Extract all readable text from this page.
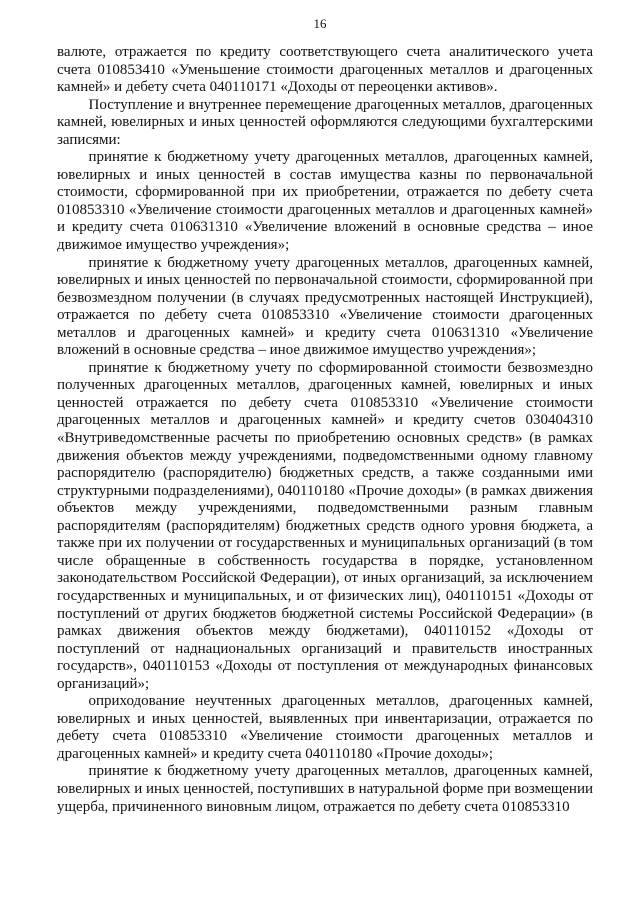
16

валюте, отражается по кредиту соответствующего счета аналитического учета счета 010853410 «Уменьшение стоимости драгоценных металлов и драгоценных камней» и дебету счета 040110171 «Доходы от переоценки активов».

Поступление и внутреннее перемещение драгоценных металлов, драгоценных камней, ювелирных и иных ценностей оформляются следующими бухгалтерскими записями:

принятие к бюджетному учету драгоценных металлов, драгоценных камней, ювелирных и иных ценностей в состав имущества казны по первоначальной стоимости, сформированной при их приобретении, отражается по дебету счета 010853310 «Увеличение стоимости драгоценных металлов и драгоценных камней» и кредиту счета 010631310 «Увеличение вложений в основные средства – иное движимое имущество учреждения»;

принятие к бюджетному учету драгоценных металлов, драгоценных камней, ювелирных и иных ценностей по первоначальной стоимости, сформированной при безвозмездном получении (в случаях предусмотренных настоящей Инструкцией), отражается по дебету счета 010853310 «Увеличение стоимости драгоценных металлов и драгоценных камней» и кредиту счета 010631310 «Увеличение вложений в основные средства – иное движимое имущество учреждения»;

принятие к бюджетному учету по сформированной стоимости безвозмездно полученных драгоценных металлов, драгоценных камней, ювелирных и иных ценностей отражается по дебету счета 010853310 «Увеличение стоимости драгоценных металлов и драгоценных камней» и кредиту счетов 030404310 «Внутриведомственные расчеты по приобретению основных средств» (в рамках движения объектов между учреждениями, подведомственными одному главному распорядителю (распорядителю) бюджетных средств, а также созданными ими структурными подразделениями), 040110180 «Прочие доходы» (в рамках движения объектов между учреждениями, подведомственными разным главным распорядителям (распорядителям) бюджетных средств одного уровня бюджета, а также при их получении от государственных и муниципальных организаций (в том числе обращенные в собственность государства в порядке, установленном законодательством Российской Федерации), от иных организаций, за исключением государственных и муниципальных, и от физических лиц), 040110151 «Доходы от поступлений от других бюджетов бюджетной системы Российской Федерации» (в рамках движения объектов между бюджетами), 040110152 «Доходы от поступлений от наднациональных организаций и правительств иностранных государств», 040110153 «Доходы от поступления от международных финансовых организаций»;

оприходование неучтенных драгоценных металлов, драгоценных камней, ювелирных и иных ценностей, выявленных при инвентаризации, отражается по дебету счета 010853310 «Увеличение стоимости драгоценных металлов и драгоценных камней» и кредиту счета 040110180 «Прочие доходы»;

принятие к бюджетному учету драгоценных металлов, драгоценных камней, ювелирных и иных ценностей, поступивших в натуральной форме при возмещении ущерба, причиненного виновным лицом, отражается по дебету счета 010853310
